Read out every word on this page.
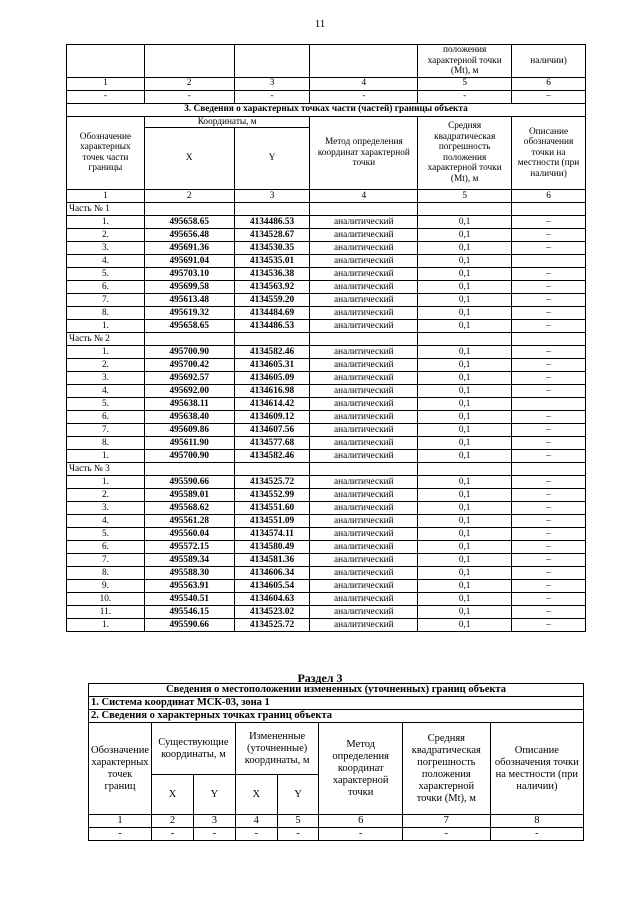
11
				положения характерной точки (Mt), м	наличии)
1	2	3	4	5	6
-	-	-	-	-	–
3. Сведения о характерных точках части (частей) границы объекта					
Обозначение характерных точек части границы	Координаты, м		Метод определения координат характерной точки	Средняя квадратическая погрешность положения характерной точки (Mt), м	Описание обозначения точки на местности (при наличии)
	X	Y			
1	2	3	4	5	6
Часть № 1					
1.	495658.65	4134486.53	аналитический	0,1	–
2.	495656.48	4134528.67	аналитический	0,1	–
3.	495691.36	4134530.35	аналитический	0,1	–
4.	495691.04	4134535.01	аналитический	0,1	
5.	495703.10	4134536.38	аналитический	0,1	–
6.	495699.58	4134563.92	аналитический	0,1	–
7.	495613.48	4134559.20	аналитический	0,1	–
8.	495619.32	4134484.69	аналитический	0,1	–
1.	495658.65	4134486.53	аналитический	0,1	–
Часть № 2					
1.	495700.90	4134582.46	аналитический	0,1	–
2.	495700.42	4134605.31	аналитический	0,1	–
3.	495692.57	4134605.09	аналитический	0,1	–
4.	495692.00	4134616.98	аналитический	0,1	–
5.	495638.11	4134614.42	аналитический	0,1	
6.	495638.40	4134609.12	аналитический	0,1	–
7.	495609.86	4134607.56	аналитический	0,1	–
8.	495611.90	4134577.68	аналитический	0,1	–
1.	495700.90	4134582.46	аналитический	0,1	–
Часть № 3					
1.	495590.66	4134525.72	аналитический	0,1	–
2.	495589.01	4134552.99	аналитический	0,1	–
3.	495568.62	4134551.60	аналитический	0,1	–
4.	495561.28	4134551.09	аналитический	0,1	–
5.	495560.04	4134574.11	аналитический	0,1	–
6.	495572.15	4134580.49	аналитический	0,1	–
7.	495589.34	4134581.36	аналитический	0,1	–
8.	495588.30	4134606.34	аналитический	0,1	–
9.	495563.91	4134605.54	аналитический	0,1	–
10.	495540.51	4134604.63	аналитический	0,1	–
11.	495546.15	4134523.02	аналитический	0,1	–
1.	495590.66	4134525.72	аналитический	0,1	–
Раздел 3
Сведения о местоположении измененных (уточненных) границ объекта							
1. Система координат МСК-03, зона 1							
2. Сведения о характерных точках границ объекта							
Обозначение характерных точек границ	Существующие координаты, м		Измененные (уточненные) координаты, м		Метод определения координат характерной точки	Средняя квадратическая погрешность положения характерной точки (Mt), м	Описание обозначения точки на местности (при наличии)
	X	Y	X	Y			
1	2	3	4	5	6	7	8
-	-	-	-	-	-	-	-
